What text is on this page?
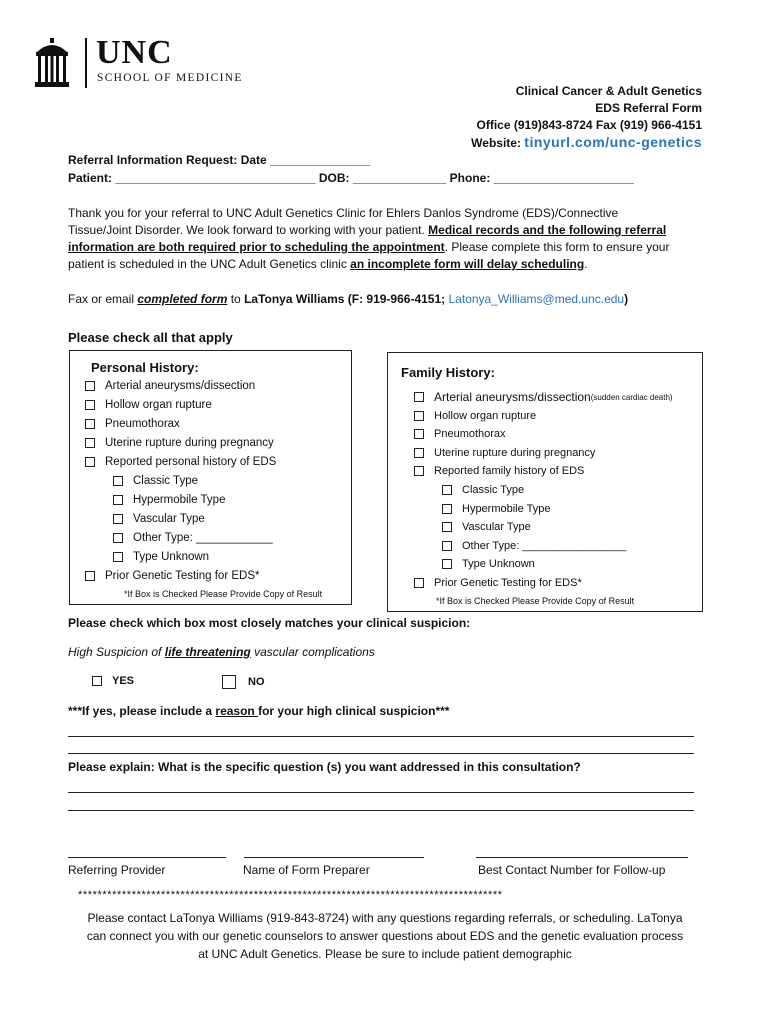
UNC
SCHOOL OF MEDICINE
Clinical Cancer & Adult Genetics
EDS Referral Form
Office (919)843-8724 Fax (919) 966-4151
Website: tinyurl.com/unc-genetics
Referral Information Request: Date _______________
Patient: ______________________________ DOB: ______________ Phone: _____________________
Thank you for your referral to UNC Adult Genetics Clinic for Ehlers Danlos Syndrome (EDS)/Connective
Tissue/Joint Disorder. We look forward to working with your patient. Medical records and the following referral
information are both required prior to scheduling the appointment. Please complete this form to ensure your
patient is scheduled in the UNC Adult Genetics clinic an incomplete form will delay scheduling.
Fax or email completed form to LaTonya Williams (F: 919-966-4151; Latonya_Williams@med.unc.edu)
Please check all that apply
Personal History:
Arterial aneurysms/dissection
Hollow organ rupture
Pneumothorax
Uterine rupture during pregnancy
Reported personal history of EDS
Classic Type
Hypermobile Type
Vascular Type
Other Type: ____________
Type Unknown
Prior Genetic Testing for EDS*
*If Box is Checked Please Provide Copy of Result
Family History:
Arterial aneurysms/dissection (sudden cardiac death)
Hollow organ rupture
Pneumothorax
Uterine rupture during pregnancy
Reported family history of EDS
Classic Type
Hypermobile Type
Vascular Type
Other Type: _________________
Type Unknown
Prior Genetic Testing for EDS*
*If Box is Checked Please Provide Copy of Result
Please check which box most closely matches your clinical suspicion:
High Suspicion of life threatening vascular complications
YES	NO
***If yes, please include a reason for your high clinical suspicion***
Please explain: What is the specific question (s) you want addressed in this consultation?
Referring Provider	Name of Form Preparer	Best Contact Number for Follow-up
***************************************************************************************
Please contact LaTonya Williams (919-843-8724) with any questions regarding referrals, or scheduling. LaTonya
can connect you with our genetic counselors to answer questions about EDS and the genetic evaluation process
at UNC Adult Genetics. Please be sure to include patient demographic
